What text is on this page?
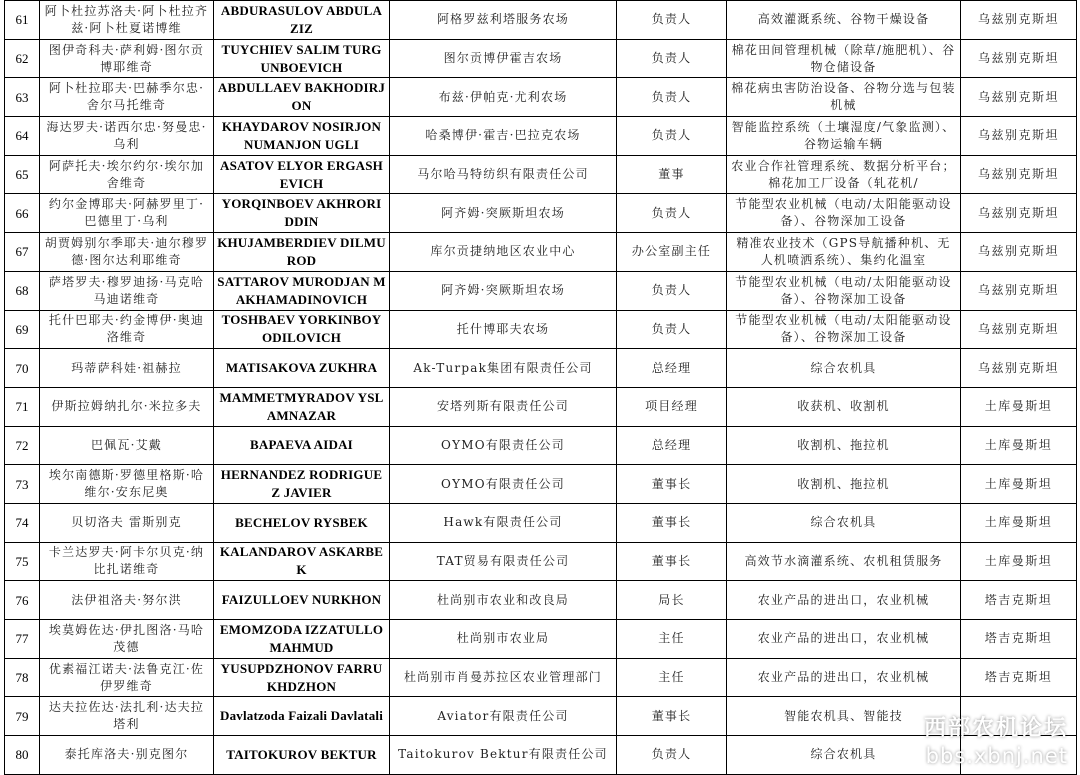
61	阿卜杜拉苏洛夫·阿卜杜拉齐兹·阿卜杜夏诺博维	ABDURASULOV ABDULAZIZ	阿格罗兹利塔服务农场	负责人	高效灌溉系统、谷物干燥设备	乌兹别克斯坦
62	图伊奇科夫·萨利姆·图尔贡博耶维奇	TUYCHIEV SALIM TURGUNBOEVICH	图尔贡博伊霍吉农场	负责人	棉花田间管理机械（除草/施肥机）、谷物仓储设备	乌兹别克斯坦
63	阿卜杜拉耶夫·巴赫季尔忠·舍尔马托维奇	ABDULLAEV BAKHODIRJON	布兹·伊帕克·尤利农场	负责人	棉花病虫害防治设备、谷物分选与包装机械	乌兹别克斯坦
64	海达罗夫·诺西尔忠·努曼忠·乌利	KHAYDAROV NOSIRJON NUMANJON UGLI	哈桑博伊·霍吉·巴拉克农场	负责人	智能监控系统（土壤湿度/气象监测）、谷物运输车辆	乌兹别克斯坦
65	阿萨托夫·埃尔约尔·埃尔加舍维奇	ASATOV ELYOR ERGASHEVICH	马尔哈马特纺织有限责任公司	董事	农业合作社管理系统、数据分析平台；棉花加工厂设备（轧花机/	乌兹别克斯坦
66	约尔金博耶夫·阿赫罗里丁·巴德里丁·乌利	YORQINBOEV AKHRORIDDIN	阿齐姆·突厥斯坦农场	负责人	节能型农业机械（电动/太阳能驱动设备）、谷物深加工设备	乌兹别克斯坦
67	胡贾姆别尔季耶夫·迪尔穆罗德·图尔达利耶维奇	KHUJAMBERDIEV DILMUROD	库尔贡捷纳地区农业中心	办公室副主任	精准农业技术（GPS导航播种机、无人机喷洒系统）、集约化温室	乌兹别克斯坦
68	萨塔罗夫·穆罗迪扬·马克哈马迪诺维奇	SATTAROV MURODJAN MAKHAMADINOVICH	阿齐姆·突厥斯坦农场	负责人	节能型农业机械（电动/太阳能驱动设备）、谷物深加工设备	乌兹别克斯坦
69	托什巴耶夫·约金博伊·奥迪洛维奇	TOSHBAEV YORKINBOY ODILOVICH	托什博耶夫农场	负责人	节能型农业机械（电动/太阳能驱动设备）、谷物深加工设备	乌兹别克斯坦
70	玛蒂萨科娃·祖赫拉	MATISAKOVA ZUKHRA	Ak-Turpak集团有限责任公司	总经理	综合农机具	乌兹别克斯坦
71	伊斯拉姆纳扎尔·米拉多夫	MAMMETMYRADOV YSLAMNAZAR	安塔列斯有限责任公司	项目经理	收获机、收割机	土库曼斯坦
72	巴佩瓦·艾戴	BAPAEVA AIDAI	OYMO有限责任公司	总经理	收割机、拖拉机	土库曼斯坦
73	埃尔南德斯·罗德里格斯·哈维尔·安东尼奥	HERNANDEZ RODRIGUEZ JAVIER	OYMO有限责任公司	董事长	收割机、拖拉机	土库曼斯坦
74	贝切洛夫 雷斯别克	BECHELOV RYSBEK	Hawk有限责任公司	董事长	综合农机具	土库曼斯坦
75	卡兰达罗夫·阿卡尔贝克·纳比扎诺维奇	KALANDAROV ASKARBEK	TAT贸易有限责任公司	董事长	高效节水滴灌系统、农机租赁服务	土库曼斯坦
76	法伊祖洛夫·努尔洪	FAIZULLOEV NURKHON	杜尚别市农业和改良局	局长	农业产品的进出口，农业机械	塔吉克斯坦
77	埃莫姆佐达·伊扎图洛·马哈茂德	EMOMZODA IZZATULLO MAHMUD	杜尚别市农业局	主任	农业产品的进出口，农业机械	塔吉克斯坦
78	优素福江诺夫·法鲁克江·佐伊罗维奇	YUSUPDZHONOV FARRUKHDZHON	杜尚别市肖曼苏拉区农业管理部门	主任	农业产品的进出口，农业机械	塔吉克斯坦
79	达夫拉佐达·法扎利·达夫拉塔利	Davlatzoda Faizali Davlatali	Aviator有限责任公司	董事长	智能农机具、智能技	
80	泰托库洛夫·别克图尔	TAITOKUROV BEKTUR	Taitokurov Bektur有限责任公司	负责人	综合农机具	
西部农机论坛
bbs.xbnj.net
